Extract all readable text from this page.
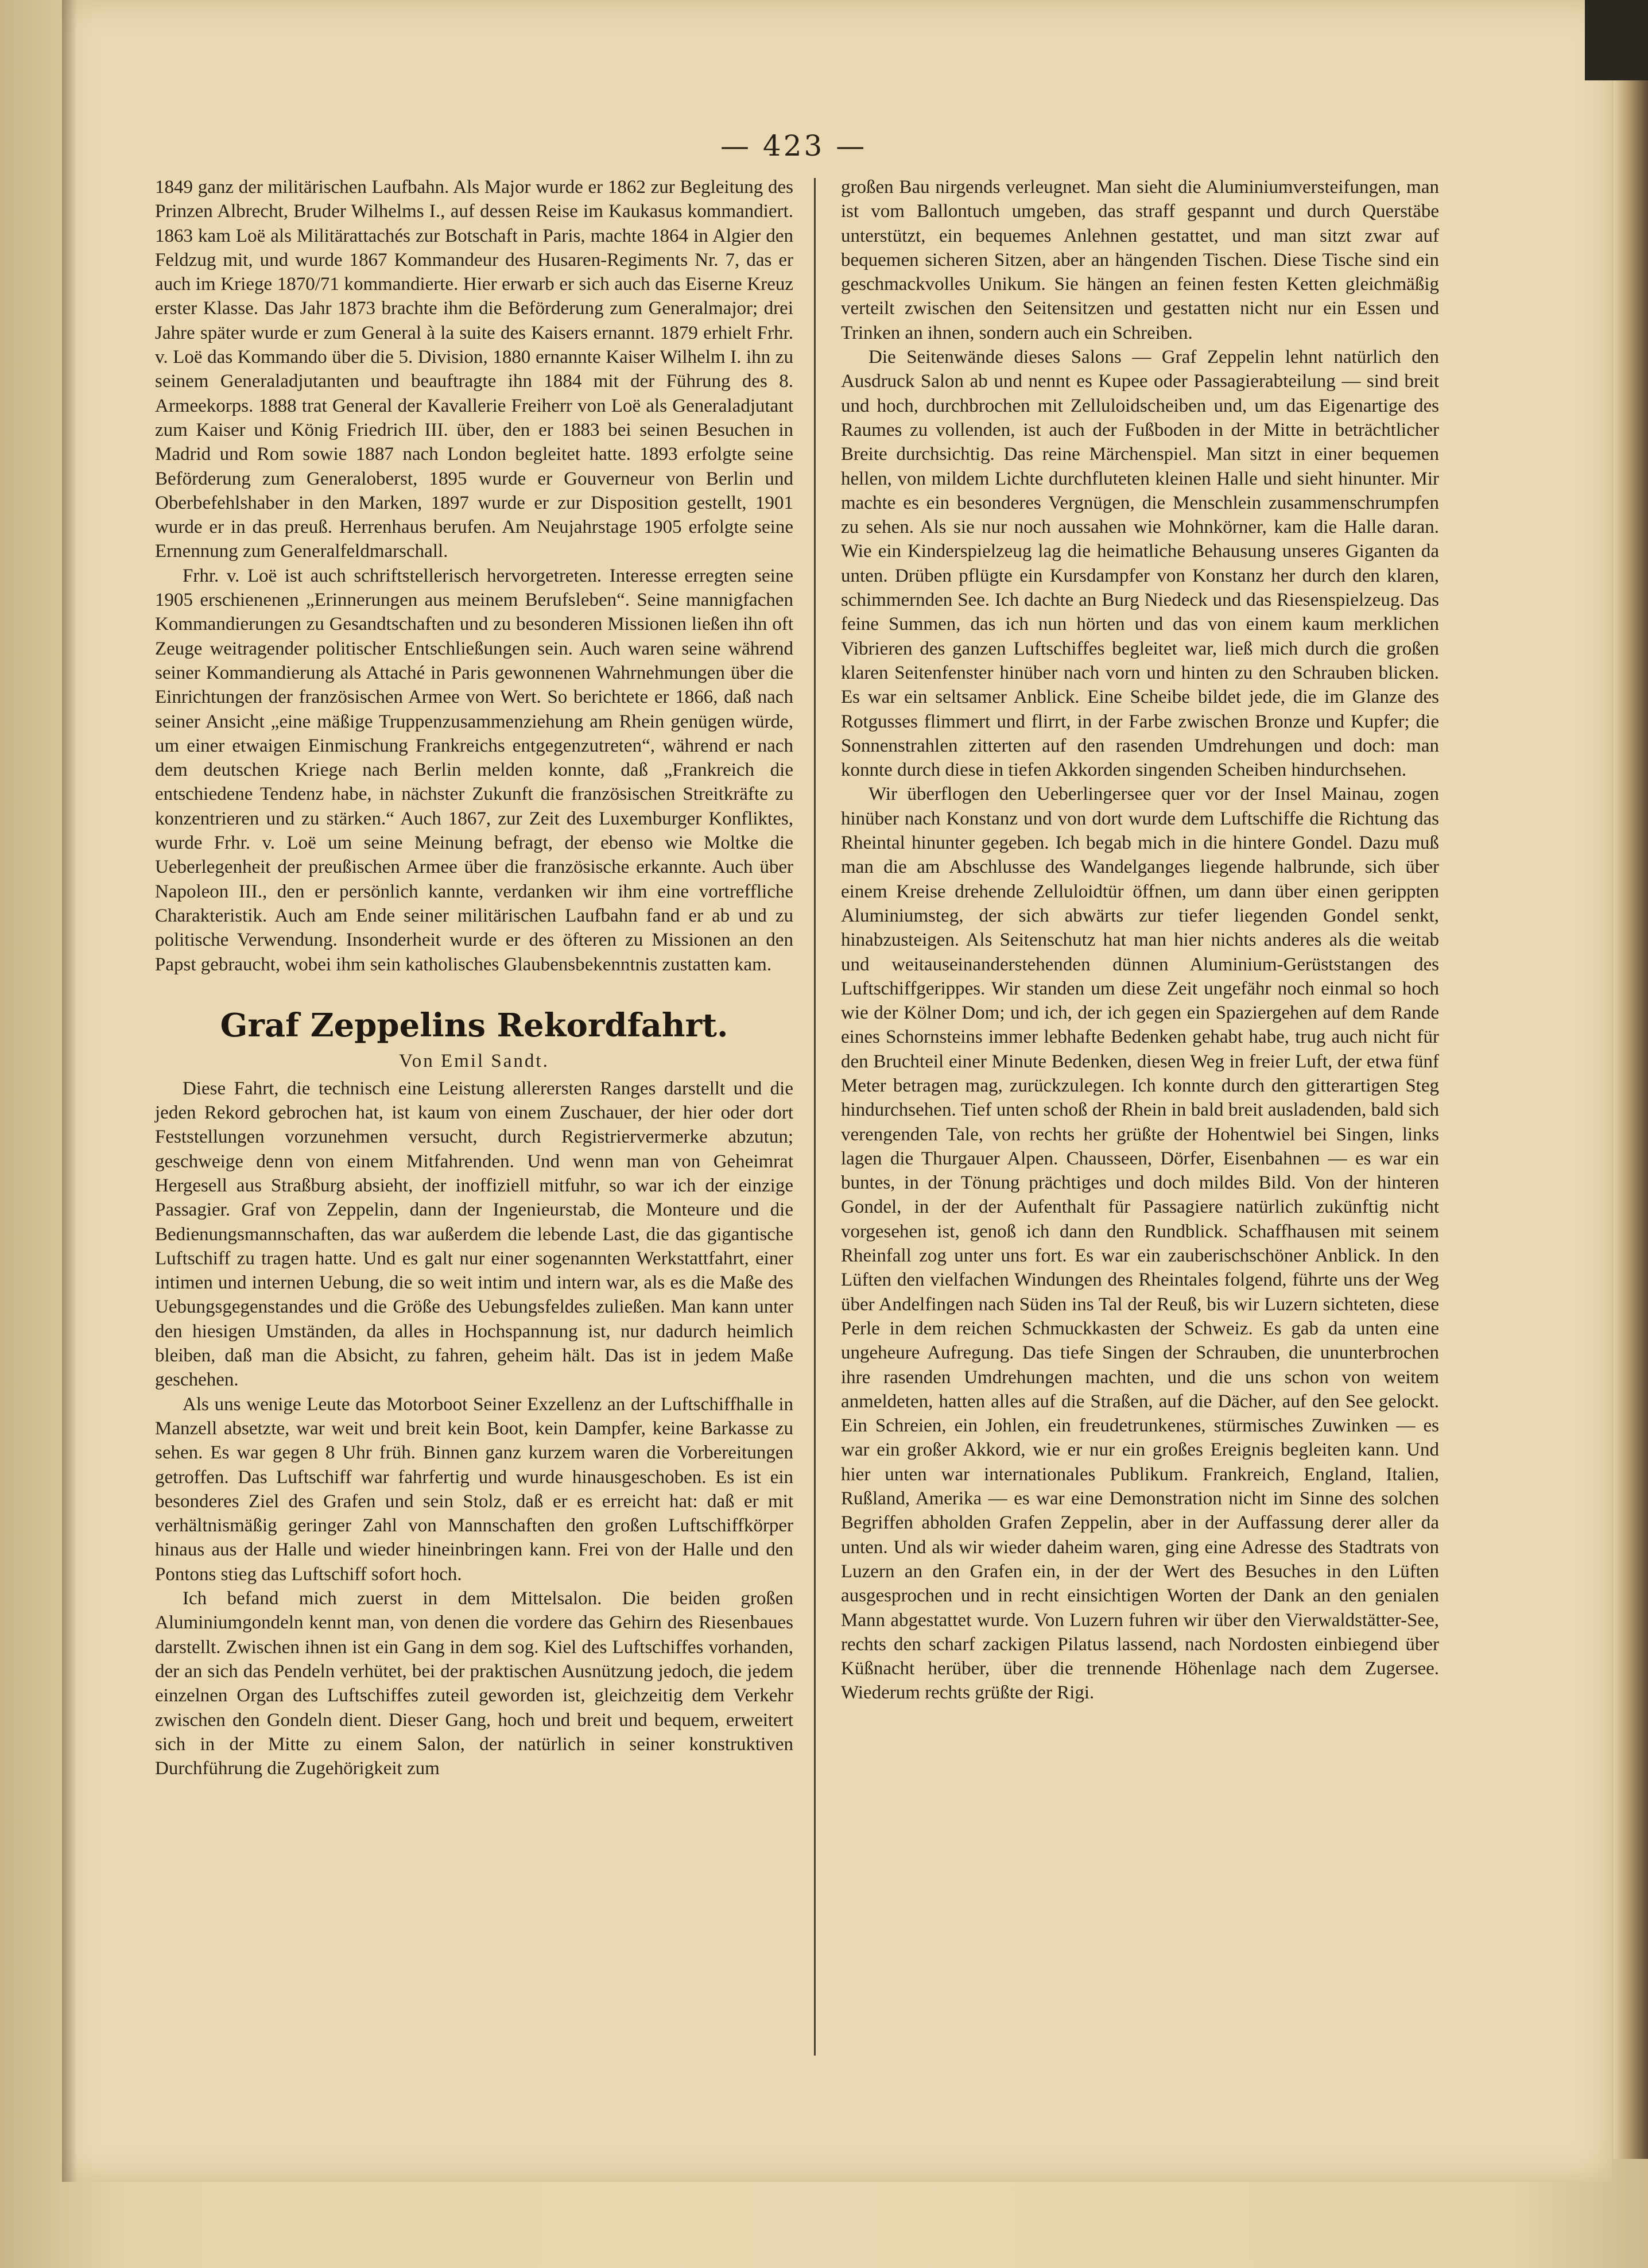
— 423 —

1849 ganz der militärischen Laufbahn. Als Major wurde er 1862 zur Begleitung des Prinzen Albrecht, Bruder Wilhelms I., auf dessen Reise im Kaukasus kommandiert. 1863 kam Loë als Militärattachés zur Botschaft in Paris, machte 1864 in Algier den Feldzug mit, und wurde 1867 Kommandeur des Husaren-Regiments Nr. 7, das er auch im Kriege 1870/71 kommandierte. Hier erwarb er sich auch das Eiserne Kreuz erster Klasse. Das Jahr 1873 brachte ihm die Beförderung zum Generalmajor; drei Jahre später wurde er zum General à la suite des Kaisers ernannt. 1879 erhielt Frhr. v. Loë das Kommando über die 5. Division, 1880 ernannte Kaiser Wilhelm I. ihn zu seinem Generaladjutanten und beauftragte ihn 1884 mit der Führung des 8. Armeekorps. 1888 trat General der Kavallerie Freiherr von Loë als Generaladjutant zum Kaiser und König Friedrich III. über, den er 1883 bei seinen Besuchen in Madrid und Rom sowie 1887 nach London begleitet hatte. 1893 erfolgte seine Beförderung zum Generaloberst, 1895 wurde er Gouverneur von Berlin und Oberbefehlshaber in den Marken, 1897 wurde er zur Disposition gestellt, 1901 wurde er in das preuß. Herrenhaus berufen. Am Neujahrstage 1905 erfolgte seine Ernennung zum Generalfeldmarschall.

Frhr. v. Loë ist auch schriftstellerisch hervorgetreten. Interesse erregten seine 1905 erschienenen „Erinnerungen aus meinem Berufsleben“. Seine mannigfachen Kommandierungen zu Gesandtschaften und zu besonderen Missionen ließen ihn oft Zeuge weitragender politischer Entschließungen sein. Auch waren seine während seiner Kommandierung als Attaché in Paris gewonnenen Wahrnehmungen über die Einrichtungen der französischen Armee von Wert. So berichtete er 1866, daß nach seiner Ansicht „eine mäßige Truppenzusammenziehung am Rhein genügen würde, um einer etwaigen Einmischung Frankreichs entgegenzutreten“, während er nach dem deutschen Kriege nach Berlin melden konnte, daß „Frankreich die entschiedene Tendenz habe, in nächster Zukunft die französischen Streitkräfte zu konzentrieren und zu stärken.“ Auch 1867, zur Zeit des Luxemburger Konfliktes, wurde Frhr. v. Loë um seine Meinung befragt, der ebenso wie Moltke die Ueberlegenheit der preußischen Armee über die französische erkannte. Auch über Napoleon III., den er persönlich kannte, verdanken wir ihm eine vortreffliche Charakteristik. Auch am Ende seiner militärischen Laufbahn fand er ab und zu politische Verwendung. Insonderheit wurde er des öfteren zu Missionen an den Papst gebraucht, wobei ihm sein katholisches Glaubensbekenntnis zustatten kam.

Graf Zeppelins Rekordfahrt.
Von Emil Sandt.

Diese Fahrt, die technisch eine Leistung allerersten Ranges darstellt und die jeden Rekord gebrochen hat, ist kaum von einem Zuschauer, der hier oder dort Feststellungen vorzunehmen versucht, durch Registriervermerke abzutun; geschweige denn von einem Mitfahrenden. Und wenn man von Geheimrat Hergesell aus Straßburg absieht, der inoffiziell mitfuhr, so war ich der einzige Passagier. Graf von Zeppelin, dann der Ingenieurstab, die Monteure und die Bedienungsmannschaften, das war außerdem die lebende Last, die das gigantische Luftschiff zu tragen hatte. Und es galt nur einer sogenannten Werkstattfahrt, einer intimen und internen Uebung, die so weit intim und intern war, als es die Maße des Uebungsgegenstandes und die Größe des Uebungsfeldes zuließen. Man kann unter den hiesigen Umständen, da alles in Hochspannung ist, nur dadurch heimlich bleiben, daß man die Absicht, zu fahren, geheim hält. Das ist in jedem Maße geschehen.

Als uns wenige Leute das Motorboot Seiner Exzellenz an der Luftschiffhalle in Manzell absetzte, war weit und breit kein Boot, kein Dampfer, keine Barkasse zu sehen. Es war gegen 8 Uhr früh. Binnen ganz kurzem waren die Vorbereitungen getroffen. Das Luftschiff war fahrfertig und wurde hinausgeschoben. Es ist ein besonderes Ziel des Grafen und sein Stolz, daß er es erreicht hat: daß er mit verhältnismäßig geringer Zahl von Mannschaften den großen Luftschiffkörper hinaus aus der Halle und wieder hineinbringen kann. Frei von der Halle und den Pontons stieg das Luftschiff sofort hoch.

Ich befand mich zuerst in dem Mittelsalon. Die beiden großen Aluminiumgondeln kennt man, von denen die vordere das Gehirn des Riesenbaues darstellt. Zwischen ihnen ist ein Gang in dem sog. Kiel des Luftschiffes vorhanden, der an sich das Pendeln verhütet, bei der praktischen Ausnützung jedoch, die jedem einzelnen Organ des Luftschiffes zuteil geworden ist, gleichzeitig dem Verkehr zwischen den Gondeln dient. Dieser Gang, hoch und breit und bequem, erweitert sich in der Mitte zu einem Salon, der natürlich in seiner konstruktiven Durchführung die Zugehörigkeit zum

großen Bau nirgends verleugnet. Man sieht die Aluminiumversteifungen, man ist vom Ballontuch umgeben, das straff gespannt und durch Querstäbe unterstützt, ein bequemes Anlehnen gestattet, und man sitzt zwar auf bequemen sicheren Sitzen, aber an hängenden Tischen. Diese Tische sind ein geschmackvolles Unikum. Sie hängen an feinen festen Ketten gleichmäßig verteilt zwischen den Seitensitzen und gestatten nicht nur ein Essen und Trinken an ihnen, sondern auch ein Schreiben.

Die Seitenwände dieses Salons — Graf Zeppelin lehnt natürlich den Ausdruck Salon ab und nennt es Kupee oder Passagierabteilung — sind breit und hoch, durchbrochen mit Zelluloidscheiben und, um das Eigenartige des Raumes zu vollenden, ist auch der Fußboden in der Mitte in beträchtlicher Breite durchsichtig. Das reine Märchenspiel. Man sitzt in einer bequemen hellen, von mildem Lichte durchfluteten kleinen Halle und sieht hinunter. Mir machte es ein besonderes Vergnügen, die Menschlein zusammenschrumpfen zu sehen. Als sie nur noch aussahen wie Mohnkörner, kam die Halle daran. Wie ein Kinderspielzeug lag die heimatliche Behausung unseres Giganten da unten. Drüben pflügte ein Kursdampfer von Konstanz her durch den klaren, schimmernden See. Ich dachte an Burg Niedeck und das Riesenspielzeug. Das feine Summen, das ich nun hörten und das von einem kaum merklichen Vibrieren des ganzen Luftschiffes begleitet war, ließ mich durch die großen klaren Seitenfenster hinüber nach vorn und hinten zu den Schrauben blicken. Es war ein seltsamer Anblick. Eine Scheibe bildet jede, die im Glanze des Rotgusses flimmert und flirrt, in der Farbe zwischen Bronze und Kupfer; die Sonnenstrahlen zitterten auf den rasenden Umdrehungen und doch: man konnte durch diese in tiefen Akkorden singenden Scheiben hindurchsehen.

Wir überflogen den Ueberlingersee quer vor der Insel Mainau, zogen hinüber nach Konstanz und von dort wurde dem Luftschiffe die Richtung das Rheintal hinunter gegeben. Ich begab mich in die hintere Gondel. Dazu muß man die am Abschlusse des Wandelganges liegende halbrunde, sich über einem Kreise drehende Zelluloidtür öffnen, um dann über einen gerippten Aluminiumsteg, der sich abwärts zur tiefer liegenden Gondel senkt, hinabzusteigen. Als Seitenschutz hat man hier nichts anderes als die weitab und weitauseinanderstehenden dünnen Aluminium-Gerüststangen des Luftschiffgerippes. Wir standen um diese Zeit ungefähr noch einmal so hoch wie der Kölner Dom; und ich, der ich gegen ein Spaziergehen auf dem Rande eines Schornsteins immer lebhafte Bedenken gehabt habe, trug auch nicht für den Bruchteil einer Minute Bedenken, diesen Weg in freier Luft, der etwa fünf Meter betragen mag, zurückzulegen. Ich konnte durch den gitterartigen Steg hindurchsehen. Tief unten schoß der Rhein in bald breit ausladenden, bald sich verengenden Tale, von rechts her grüßte der Hohentwiel bei Singen, links lagen die Thurgauer Alpen. Chausseen, Dörfer, Eisenbahnen — es war ein buntes, in der Tönung prächtiges und doch mildes Bild. Von der hinteren Gondel, in der der Aufenthalt für Passagiere natürlich zukünftig nicht vorgesehen ist, genoß ich dann den Rundblick. Schaffhausen mit seinem Rheinfall zog unter uns fort. Es war ein zauberischschöner Anblick. In den Lüften den vielfachen Windungen des Rheintales folgend, führte uns der Weg über Andelfingen nach Süden ins Tal der Reuß, bis wir Luzern sichteten, diese Perle in dem reichen Schmuckkasten der Schweiz. Es gab da unten eine ungeheure Aufregung. Das tiefe Singen der Schrauben, die ununterbrochen ihre rasenden Umdrehungen machten, und die uns schon von weitem anmeldeten, hatten alles auf die Straßen, auf die Dächer, auf den See gelockt. Ein Schreien, ein Johlen, ein freudetrunkenes, stürmisches Zuwinken — es war ein großer Akkord, wie er nur ein großes Ereignis begleiten kann. Und hier unten war internationales Publikum. Frankreich, England, Italien, Rußland, Amerika — es war eine Demonstration nicht im Sinne des solchen Begriffen abholden Grafen Zeppelin, aber in der Auffassung derer aller da unten. Und als wir wieder daheim waren, ging eine Adresse des Stadtrats von Luzern an den Grafen ein, in der der Wert des Besuches in den Lüften ausgesprochen und in recht einsichtigen Worten der Dank an den genialen Mann abgestattet wurde. Von Luzern fuhren wir über den Vierwaldstätter-See, rechts den scharf zackigen Pilatus lassend, nach Nordosten einbiegend über Küßnacht herüber, über die trennende Höhenlage nach dem Zugersee. Wiederum rechts grüßte der Rigi.
